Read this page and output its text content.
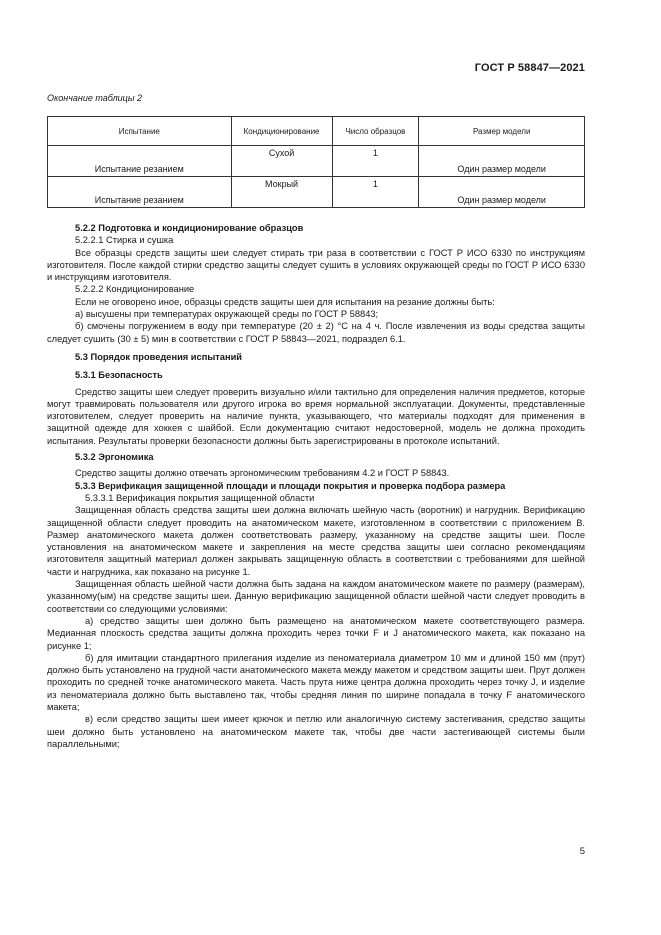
ГОСТ Р 58847—2021
Окончание таблицы 2
Испытание	Кондиционирование	Число образцов	Размер модели

Испытание резанием	Сухой	1	Один размер модели

Испытание резанием	Мокрый	1	Один размер модели

5.2.2 Подготовка и кондиционирование образцов

5.2.2.1 Стирка и сушка

Все образцы средств защиты шеи следует стирать три раза в соответствии с ГОСТ Р ИСО 6330 по инструкциям изготовителя. После каждой стирки средство защиты следует сушить в условиях окружающей среды по ГОСТ Р ИСО 6330 и инструкциям изготовителя.

5.2.2.2 Кондиционирование

Если не оговорено иное, образцы средств защиты шеи для испытания на резание должны быть:

а) высушены при температурах окружающей среды по ГОСТ Р 58843;

б) смочены погружением в воду при температуре (20 ± 2) °С на 4 ч. После извлечения из воды средства защиты следует сушить (30 ± 5) мин в соответствии с ГОСТ Р 58843—2021, подраздел 6.1.

5.3 Порядок проведения испытаний

5.3.1 Безопасность

Средство защиты шеи следует проверить визуально и/или тактильно для определения наличия предметов, которые могут травмировать пользователя или другого игрока во время нормальной эксплуатации. Документы, представленные изготовителем, следует проверить на наличие пункта, указывающего, что материалы подходят для применения в защитной одежде для хоккея с шайбой. Если документацию считают недостоверной, модель не должна проходить испытания. Результаты проверки безопасности должны быть зарегистрированы в протоколе испытаний.

5.3.2 Эргономика

Средство защиты должно отвечать эргономическим требованиям 4.2 и ГОСТ Р 58843.

5.3.3 Верификация защищенной площади и площади покрытия и проверка подбора размера

5.3.3.1 Верификация покрытия защищенной области

Защищенная область средства защиты шеи должна включать шейную часть (воротник) и нагрудник. Верификацию защищенной области следует проводить на анатомическом макете, изготовленном в соответствии с приложением В. Размер анатомического макета должен соответствовать размеру, указанному на средстве защиты шеи. После установления на анатомическом макете и закрепления на месте средства защиты шеи согласно рекомендациям изготовителя защитный материал должен закрывать защищенную область в соответствии с требованиями для шейной части и нагрудника, как показано на рисунке 1.

Защищенная область шейной части должна быть задана на каждом анатомическом макете по размеру (размерам), указанному(ым) на средстве защиты шеи. Данную верификацию защищенной области шейной части следует проводить в соответствии со следующими условиями:

а) средство защиты шеи должно быть размещено на анатомическом макете соответствующего размера. Медианная плоскость средства защиты должна проходить через точки F и J анатомического макета, как показано на рисунке 1;

б) для имитации стандартного прилегания изделие из пеноматериала диаметром 10 мм и длиной 150 мм (прут) должно быть установлено на грудной части анатомического макета между макетом и средством защиты шеи. Прут должен проходить по средней точке анатомического макета. Часть прута ниже центра должна проходить через точку J, и изделие из пеноматериала должно быть выставлено так, чтобы средняя линия по ширине попадала в точку F анатомического макета;

в) если средство защиты шеи имеет крючок и петлю или аналогичную систему застегивания, средство защиты шеи должно быть установлено на анатомическом макете так, чтобы две части застегивающей системы были параллельными;

5
